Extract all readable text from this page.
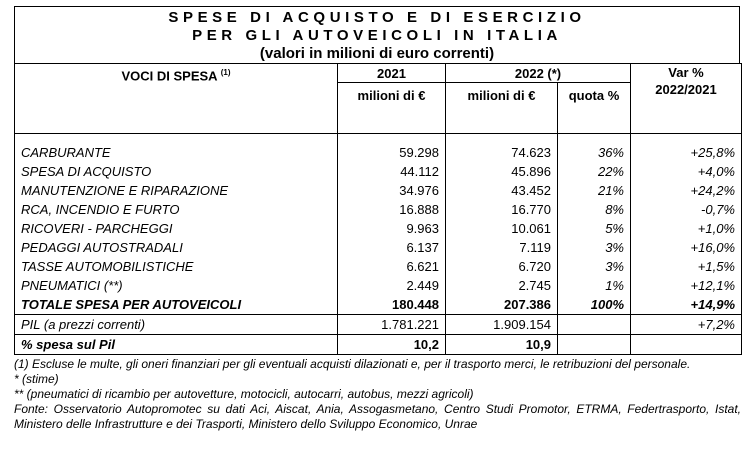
SPESE DI ACQUISTO E DI ESERCIZIO
PER GLI AUTOVEICOLI IN ITALIA
(valori in milioni di euro correnti)
VOCI DI SPESA $^{(1)}$	2021	2022 (*)		Var %
2022/2021

	milioni di €	milioni di €	quota %	

CARBURANTE	59.298	74.623	36%	+25,8%
SPESA DI ACQUISTO	44.112	45.896	22%	+4,0%
MANUTENZIONE E RIPARAZIONE	34.976	43.452	21%	+24,2%
RCA, INCENDIO E FURTO	16.888	16.770	8%	-0,7%
RICOVERI - PARCHEGGI	9.963	10.061	5%	+1,0%
PEDAGGI AUTOSTRADALI	6.137	7.119	3%	+16,0%
TASSE AUTOMOBILISTICHE	6.621	6.720	3%	+1,5%
PNEUMATICI (**)	2.449	2.745	1%	+12,1%
TOTALE SPESA PER AUTOVEICOLI	180.448	207.386	100%	+14,9%
PIL (a prezzi correnti)	1.781.221	1.909.154		+7,2%
% spesa sul Pil	10,2	10,9		
(1) Escluse le multe, gli oneri finanziari per gli eventuali acquisti dilazionati e, per il trasporto merci, le retribuzioni del personale.
* (stime)
** (pneumatici di ricambio per autovetture, motocicli, autocarri, autobus, mezzi agricoli)
Fonte: Osservatorio Autopromotec su dati Aci, Aiscat, Ania, Assogasmetano, Centro Studi Promotor, ETRMA, Federtrasporto, Istat, Ministero delle Infrastrutture e dei Trasporti, Ministero dello Sviluppo Economico, Unrae
